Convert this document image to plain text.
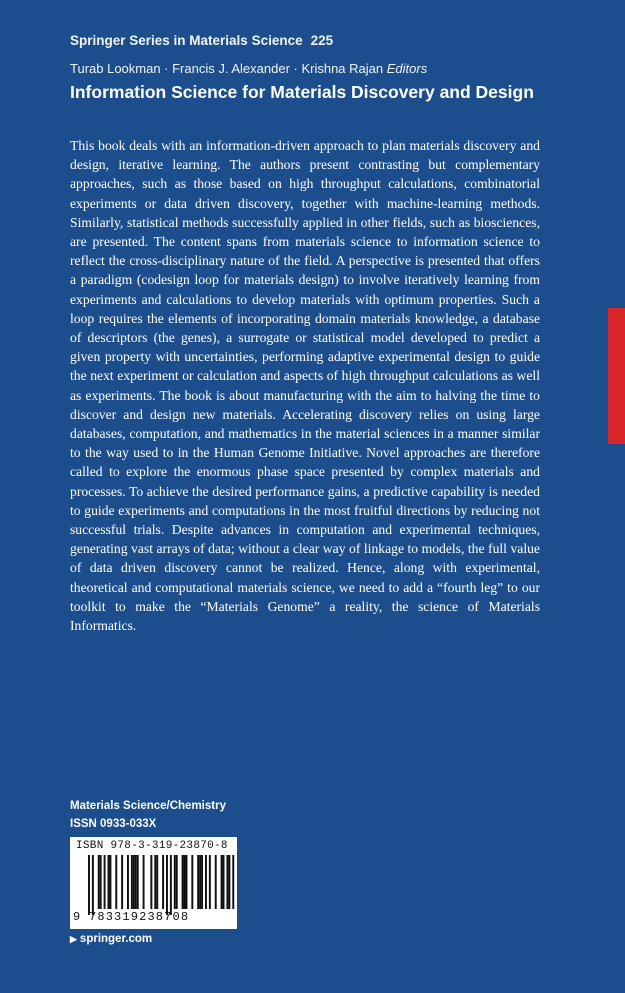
Springer Series in Materials Science 225
Turab Lookman · Francis J. Alexander · Krishna Rajan Editors
Information Science for Materials Discovery and Design

This book deals with an information-driven approach to plan materials discovery and design, iterative learning. The authors present contrasting but complementary approaches, such as those based on high throughput calculations, combinatorial experiments or data driven discovery, together with machine-learning methods. Similarly, statistical methods successfully applied in other fields, such as biosciences, are presented. The content spans from materials science to information science to reflect the cross-disciplinary nature of the field. A perspective is presented that offers a paradigm (codesign loop for materials design) to involve iteratively learning from experiments and calculations to develop materials with optimum properties. Such a loop requires the elements of incorporating domain materials knowledge, a database of descriptors (the genes), a surrogate or statistical model developed to predict a given property with uncertainties, performing adaptive experimental design to guide the next experiment or calculation and aspects of high throughput calculations as well as experiments. The book is about manufacturing with the aim to halving the time to discover and design new materials. Accelerating discovery relies on using large databases, computation, and mathematics in the material sciences in a manner similar to the way used to in the Human Genome Initiative. Novel approaches are therefore called to explore the enormous phase space presented by complex materials and processes. To achieve the desired performance gains, a predictive capability is needed to guide experiments and computations in the most fruitful directions by reducing not successful trials. Despite advances in computation and experimental techniques, generating vast arrays of data; without a clear way of linkage to models, the full value of data driven discovery cannot be realized. Hence, along with experimental, theoretical and computational materials science, we need to add a “fourth leg” to our toolkit to make the “Materials Genome” a reality, the science of Materials Informatics.

Materials Science/Chemistry
ISSN 0933-033X
ISBN 978-3-319-23870-8
9 783319238708
▶ springer.com
